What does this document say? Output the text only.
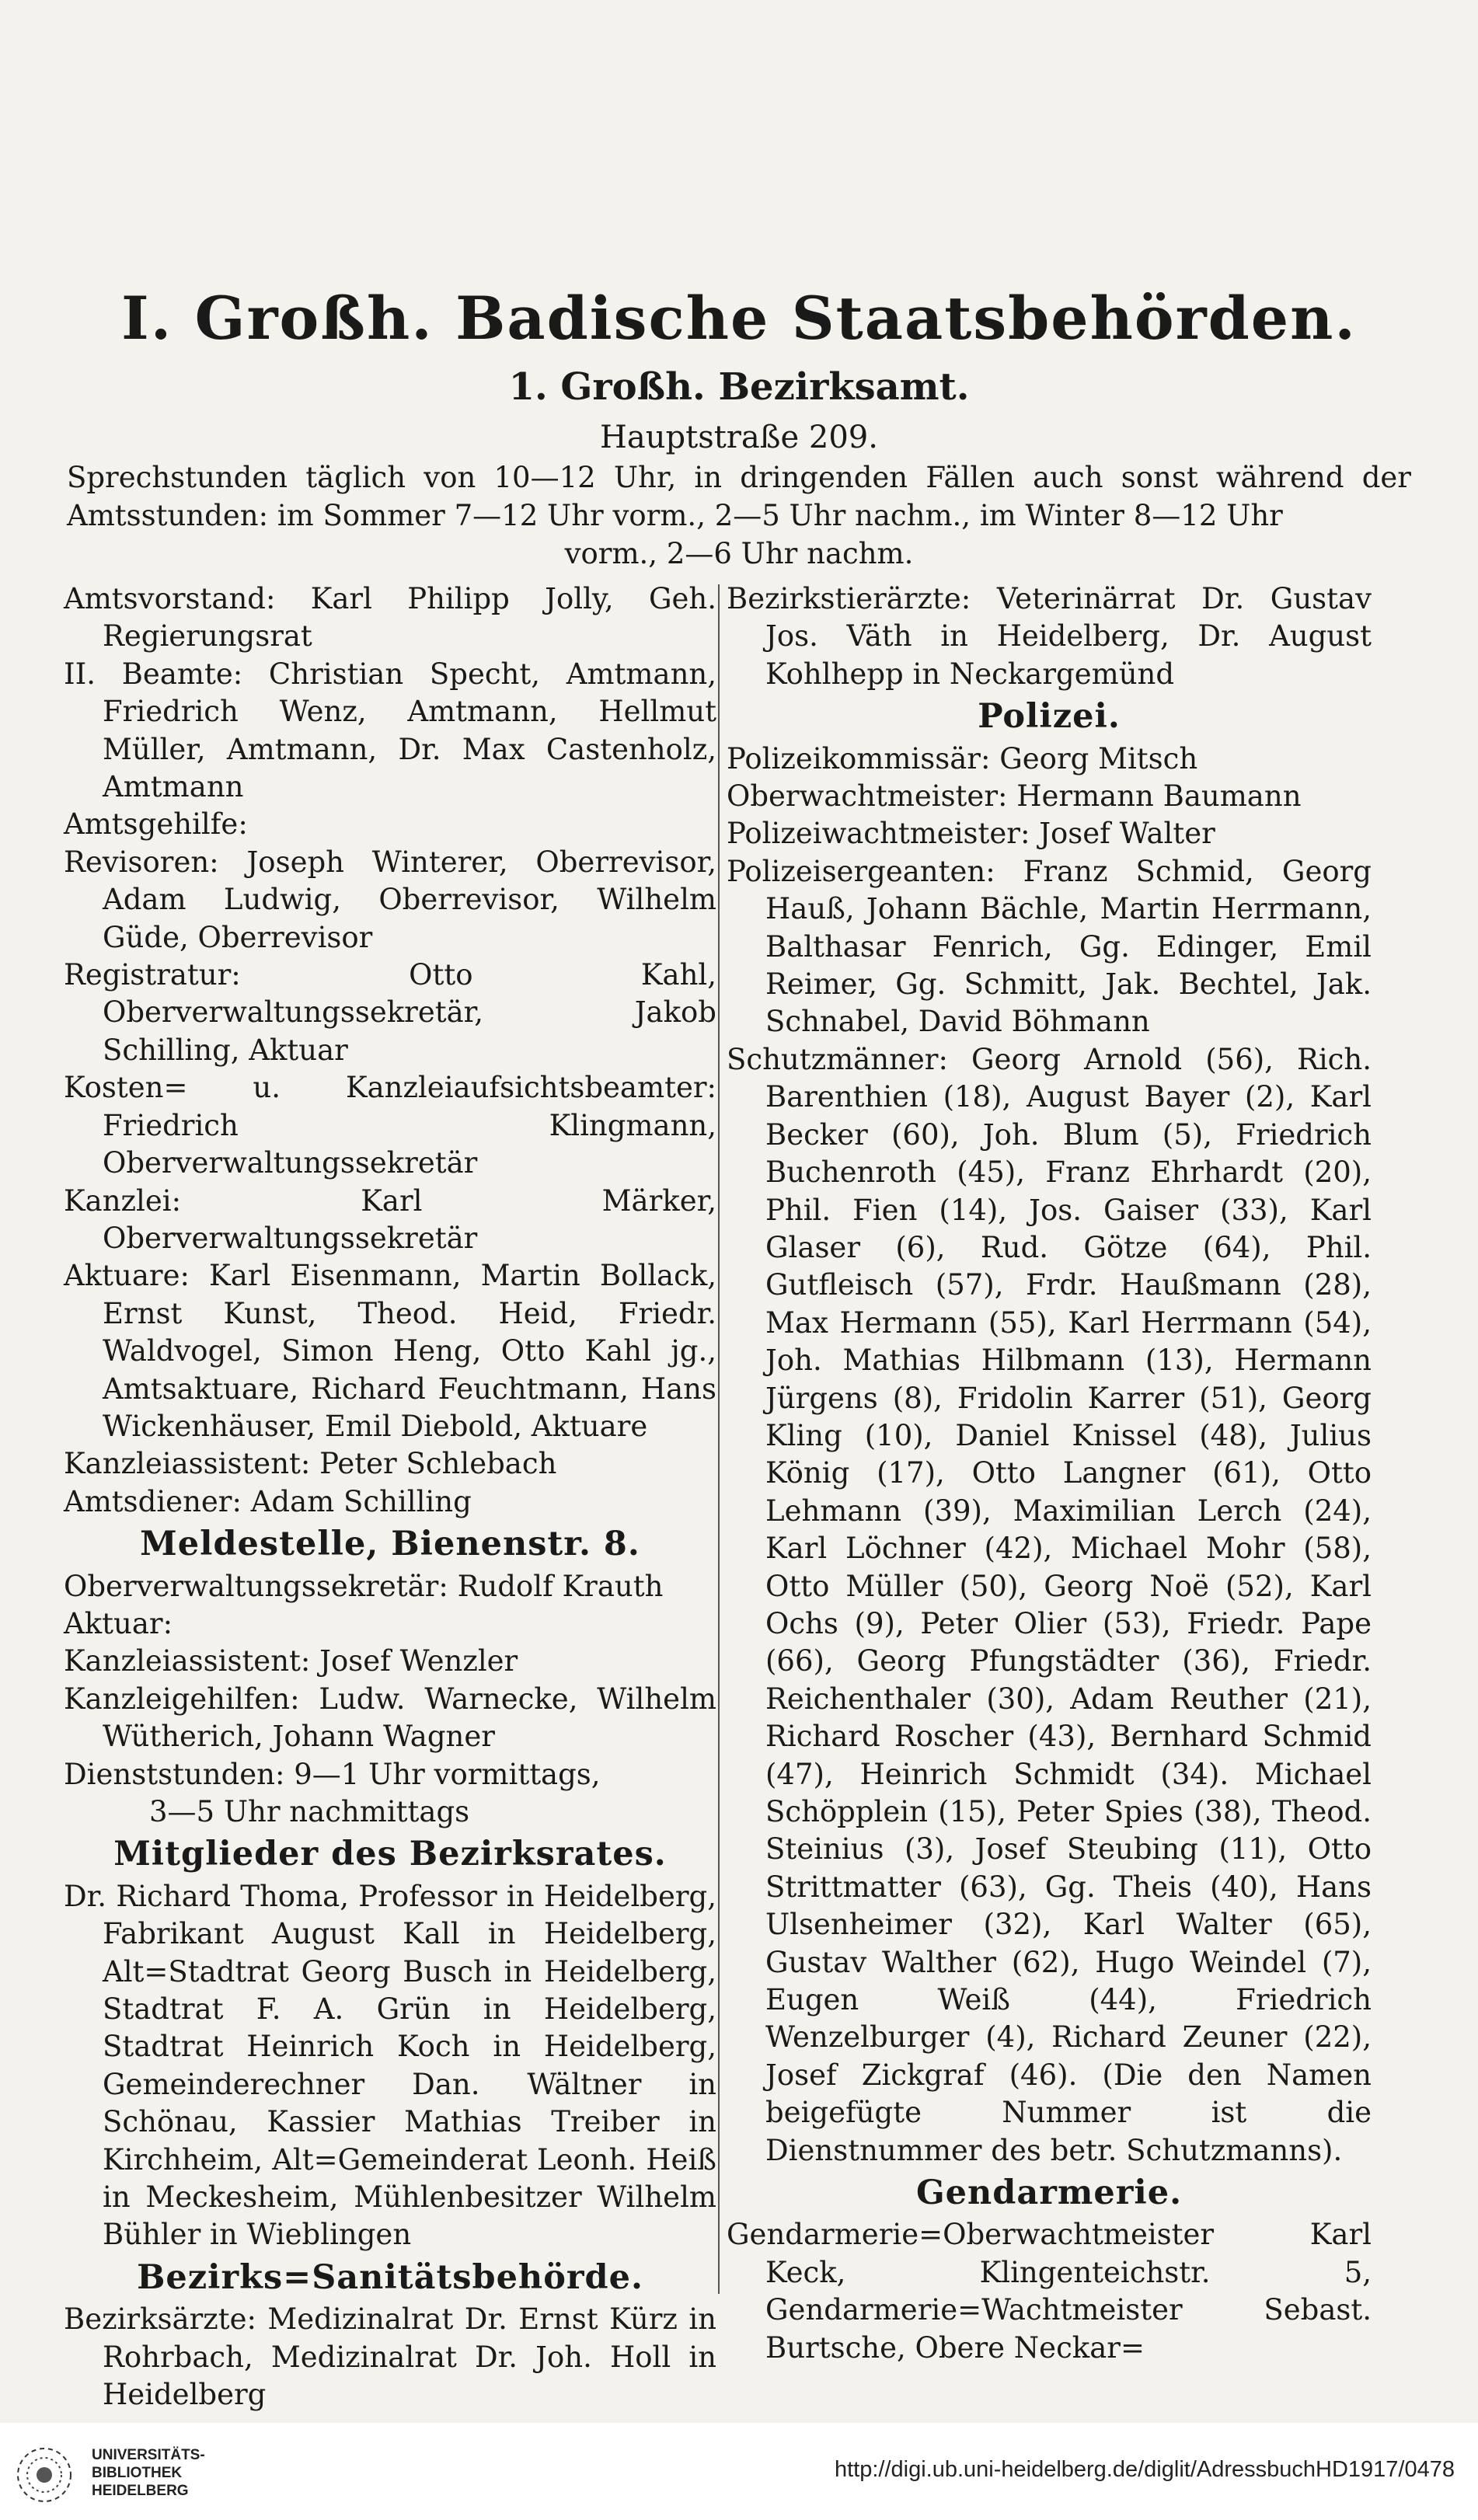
I. Großh. Badische Staatsbehörden.
1. Großh. Bezirksamt.
Hauptstraße 209.
Sprechstunden täglich von 10—12 Uhr, in dringenden Fällen auch sonst während der Amtsstunden: im Sommer 7—12 Uhr vorm., 2—5 Uhr nachm., im Winter 8—12 Uhr
vorm., 2—6 Uhr nachm.
Amtsvorstand: Karl Philipp Jolly, Geh. Regierungsrat
II. Beamte: Christian Specht, Amtmann, Friedrich Wenz, Amtmann, Hellmut Müller, Amtmann, Dr. Max Castenholz, Amtmann
Amtsgehilfe:
Revisoren: Joseph Winterer, Oberrevisor, Adam Ludwig, Oberrevisor, Wilhelm Güde, Oberrevisor
Registratur: Otto Kahl, Oberverwaltungssekretär, Jakob Schilling, Aktuar
Kosten= u. Kanzleiaufsichtsbeamter: Friedrich Klingmann, Oberverwaltungssekretär
Kanzlei: Karl Märker, Oberverwaltungssekretär
Aktuare: Karl Eisenmann, Martin Bollack, Ernst Kunst, Theod. Heid, Friedr. Waldvogel, Simon Heng, Otto Kahl jg., Amtsaktuare, Richard Feuchtmann, Hans Wickenhäuser, Emil Diebold, Aktuare
Kanzleiassistent: Peter Schlebach
Amtsdiener: Adam Schilling
Meldestelle, Bienenstr. 8.
Oberverwaltungssekretär: Rudolf Krauth
Aktuar:
Kanzleiassistent: Josef Wenzler
Kanzleigehilfen: Ludw. Warnecke, Wilhelm Wütherich, Johann Wagner
Dienststunden: 9—1 Uhr vormittags,
3—5 Uhr nachmittags
Mitglieder des Bezirksrates.
Dr. Richard Thoma, Professor in Heidelberg, Fabrikant August Kall in Heidelberg, Alt=Stadtrat Georg Busch in Heidelberg, Stadtrat F. A. Grün in Heidelberg, Stadtrat Heinrich Koch in Heidelberg, Gemeinderechner Dan. Wältner in Schönau, Kassier Mathias Treiber in Kirchheim, Alt=Gemeinderat Leonh. Heiß in Meckesheim, Mühlenbesitzer Wilhelm Bühler in Wieblingen
Bezirks=Sanitätsbehörde.
Bezirksärzte: Medizinalrat Dr. Ernst Kürz in Rohrbach, Medizinalrat Dr. Joh. Holl in Heidelberg
Bezirkstierärzte: Veterinärrat Dr. Gustav Jos. Väth in Heidelberg, Dr. August Kohlhepp in Neckargemünd
Polizei.
Polizeikommissär: Georg Mitsch
Oberwachtmeister: Hermann Baumann
Polizeiwachtmeister: Josef Walter
Polizeisergeanten: Franz Schmid, Georg Hauß, Johann Bächle, Martin Herrmann, Balthasar Fenrich, Gg. Edinger, Emil Reimer, Gg. Schmitt, Jak. Bechtel, Jak. Schnabel, David Böhmann
Schutzmänner: Georg Arnold (56), Rich. Barenthien (18), August Bayer (2), Karl Becker (60), Joh. Blum (5), Friedrich Buchenroth (45), Franz Ehrhardt (20), Phil. Fien (14), Jos. Gaiser (33), Karl Glaser (6), Rud. Götze (64), Phil. Gutfleisch (57), Frdr. Haußmann (28), Max Hermann (55), Karl Herrmann (54), Joh. Mathias Hilbmann (13), Hermann Jürgens (8), Fridolin Karrer (51), Georg Kling (10), Daniel Knissel (48), Julius König (17), Otto Langner (61), Otto Lehmann (39), Maximilian Lerch (24), Karl Löchner (42), Michael Mohr (58), Otto Müller (50), Georg Noë (52), Karl Ochs (9), Peter Olier (53), Friedr. Pape (66), Georg Pfungstädter (36), Friedr. Reichenthaler (30), Adam Reuther (21), Richard Roscher (43), Bernhard Schmid (47), Heinrich Schmidt (34). Michael Schöpplein (15), Peter Spies (38), Theod. Steinius (3), Josef Steubing (11), Otto Strittmatter (63), Gg. Theis (40), Hans Ulsenheimer (32), Karl Walter (65), Gustav Walther (62), Hugo Weindel (7), Eugen Weiß (44), Friedrich Wenzelburger (4), Richard Zeuner (22), Josef Zickgraf (46). (Die den Namen beigefügte Nummer ist die Dienstnummer des betr. Schutzmanns).
Gendarmerie.
Gendarmerie=Oberwachtmeister Karl Keck, Klingenteichstr. 5, Gendarmerie=Wachtmeister Sebast. Burtsche, Obere Neckar=
UNIVERSITÄTS-
BIBLIOTHEK
HEIDELBERG
http://digi.ub.uni-heidelberg.de/diglit/AdressbuchHD1917/0478
